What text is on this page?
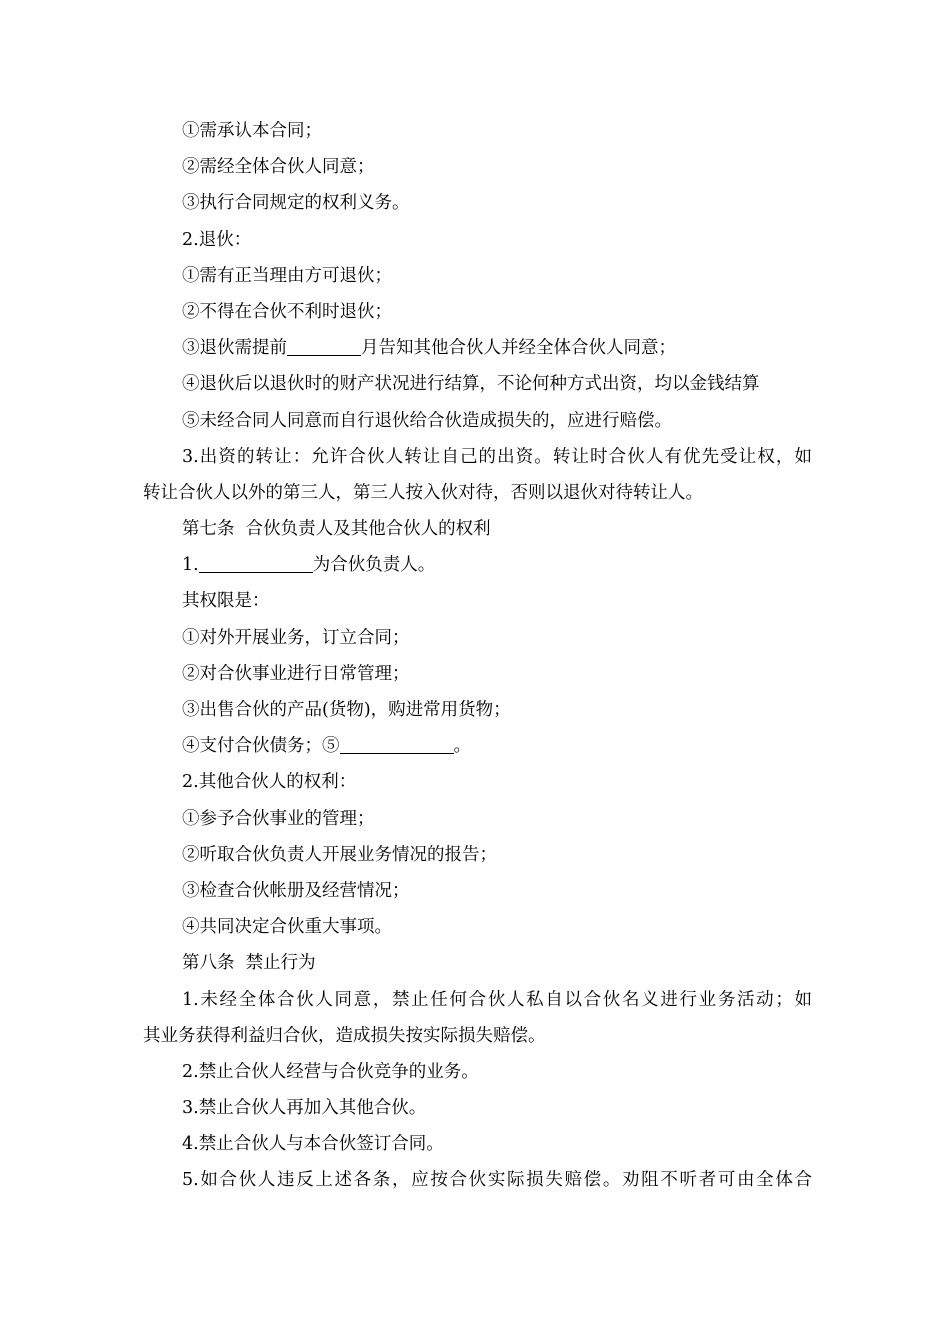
①需承认本合同；
②需经全体合伙人同意；
③执行合同规定的权利义务。
2.退伙：
①需有正当理由方可退伙；
②不得在合伙不利时退伙；
③退伙需提前	月告知其他合伙人并经全体合伙人同意；
④退伙后以退伙时的财产状况进行结算，不论何种方式出资，均以金钱结算
⑤未经合同人同意而自行退伙给合伙造成损失的，应进行赔偿。
3.出资的转让：允许合伙人转让自己的出资。转让时合伙人有优先受让权，如
转让合伙人以外的第三人，第三人按入伙对待，否则以退伙对待转让人。
第七条  合伙负责人及其他合伙人的权利
1.	为合伙负责人。
其权限是：
①对外开展业务，订立合同；
②对合伙事业进行日常管理；
③出售合伙的产品(货物)，购进常用货物；
④支付合伙债务；⑤	。
2.其他合伙人的权利：
①参予合伙事业的管理；
②听取合伙负责人开展业务情况的报告；
③检查合伙帐册及经营情况；
④共同决定合伙重大事项。
第八条  禁止行为
1.未经全体合伙人同意，禁止任何合伙人私自以合伙名义进行业务活动；如
其业务获得利益归合伙，造成损失按实际损失赔偿。
2.禁止合伙人经营与合伙竞争的业务。
3.禁止合伙人再加入其他合伙。
4.禁止合伙人与本合伙签订合同。
5.如合伙人违反上述各条，应按合伙实际损失赔偿。劝阻不听者可由全体合
